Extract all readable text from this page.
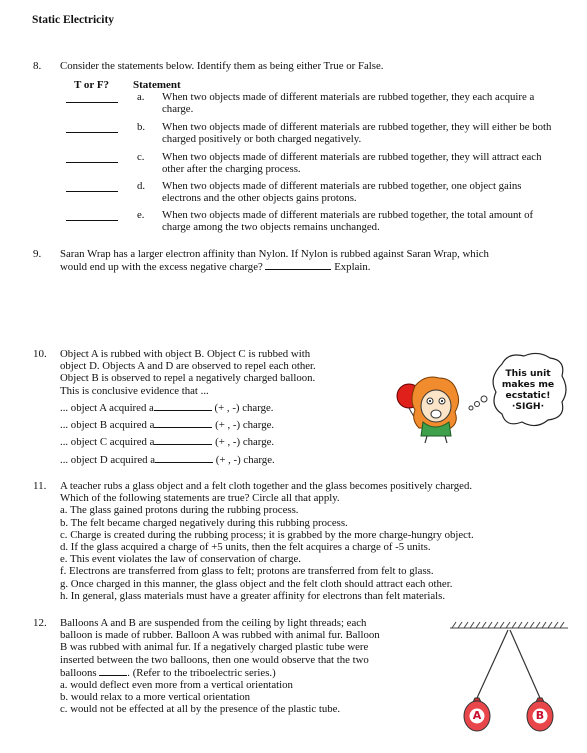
Static Electricity
8. Consider the statements below. Identify them as being either True or False.
T or F? Statement
a. When two objects made of different materials are rubbed together, they each acquire a charge.
b. When two objects made of different materials are rubbed together, they will either be both charged positively or both charged negatively.
c. When two objects made of different materials are rubbed together, they will attract each other after the charging process.
d. When two objects made of different materials are rubbed together, one object gains electrons and the other objects gains protons.
e. When two objects made of different materials are rubbed together, the total amount of charge among the two objects remains unchanged.
9. Saran Wrap has a larger electron affinity than Nylon. If Nylon is rubbed against Saran Wrap, which
would end up with the excess negative charge?	Explain.
10. Object A is rubbed with object B. Object C is rubbed with
object D. Objects A and D are observed to repel each other.
Object B is observed to repel a negatively charged balloon.
This is conclusive evidence that ...
... object A acquired a	(+ , -) charge.
... object B acquired a	(+ , -) charge.
... object C acquired a	(+ , -) charge.
... object D acquired a	(+ , -) charge.
This unit
makes me
ecstatic!
·SIGH·
11. A teacher rubs a glass object and a felt cloth together and the glass becomes positively charged.
Which of the following statements are true? Circle all that apply.
a. The glass gained protons during the rubbing process.
b. The felt became charged negatively during this rubbing process.
c. Charge is created during the rubbing process; it is grabbed by the more charge-hungry object.
d. If the glass acquired a charge of +5 units, then the felt acquires a charge of -5 units.
e. This event violates the law of conservation of charge.
f. Electrons are transferred from glass to felt; protons are transferred from felt to glass.
g. Once charged in this manner, the glass object and the felt cloth should attract each other.
h. In general, glass materials must have a greater affinity for electrons than felt materials.
12. Balloons A and B are suspended from the ceiling by light threads; each
balloon is made of rubber. Balloon A was rubbed with animal fur. Balloon
B was rubbed with animal fur. If a negatively charged plastic tube were
inserted between the two balloons, then one would observe that the two
balloons	. (Refer to the triboelectric series.)
a. would deflect even more from a vertical orientation
b. would relax to a more vertical orientation
c. would not be effected at all by the presence of the plastic tube.	A	B
